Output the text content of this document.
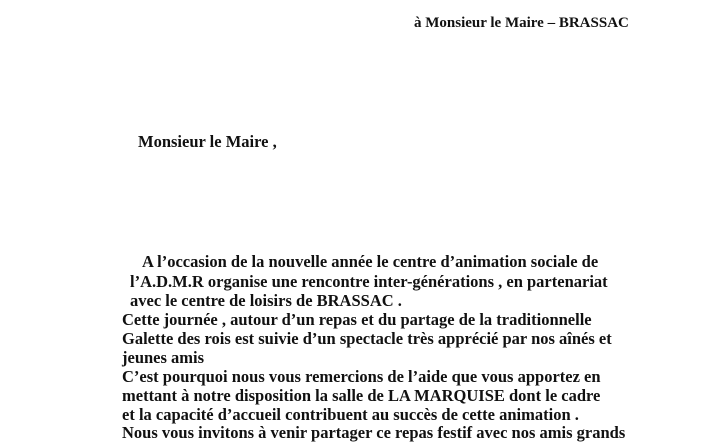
à Monsieur le Maire – BRASSAC
Monsieur le Maire ,
A l’occasion de la nouvelle année le centre d’animation sociale de
l’A.D.M.R organise une rencontre inter-générations , en partenariat
avec le centre de loisirs de BRASSAC .
Cette journée , autour d’un repas et du partage de la traditionnelle
Galette des rois est suivie d’un spectacle très apprécié par nos aînés et
jeunes amis
C’est pourquoi nous vous remercions de l’aide que vous apportez en
mettant à notre disposition la salle de LA MARQUISE dont le cadre
et la capacité d’accueil contribuent au succès de cette animation .
Nous vous invitons à venir partager ce repas festif avec nos amis grands
